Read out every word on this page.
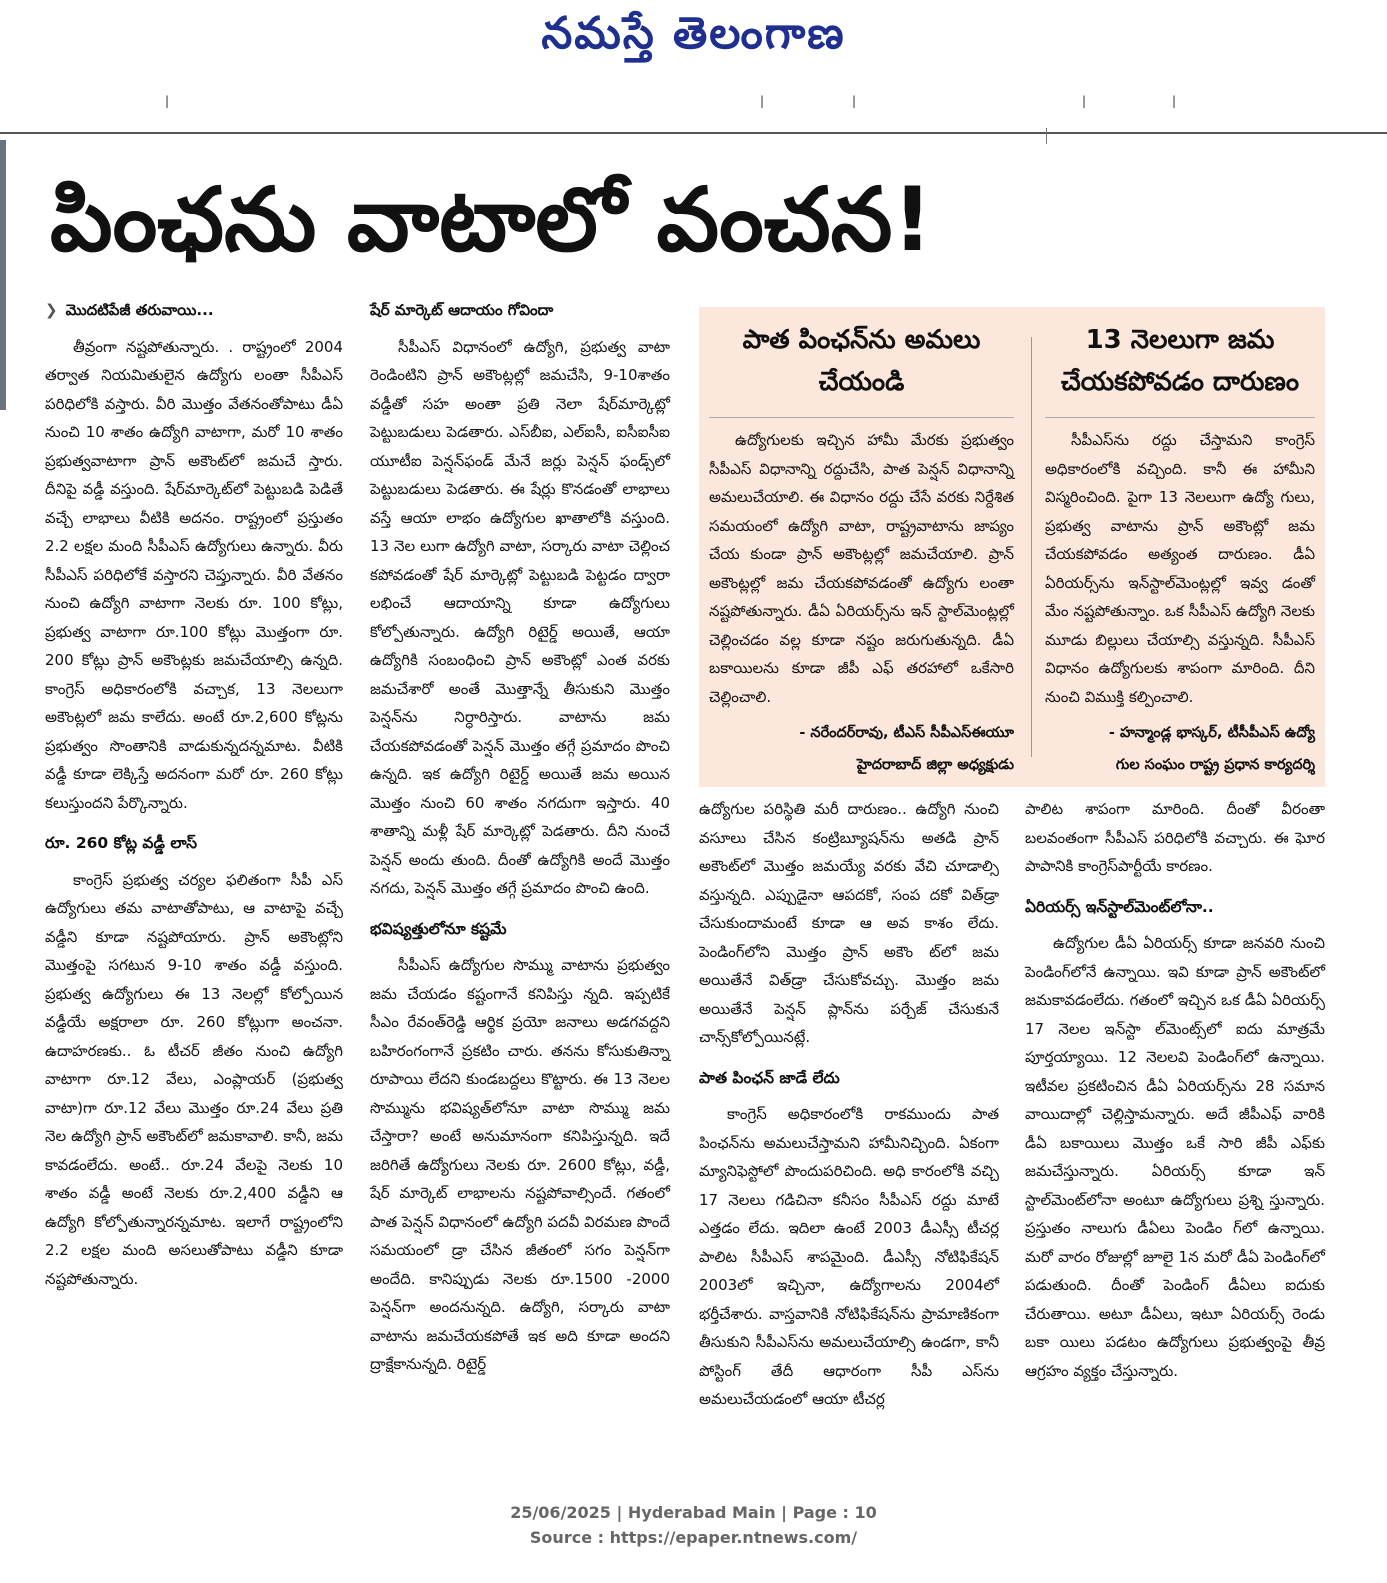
నమస్తే తెలంగాణ
|	|	|	|	|
పింఛను వాటాలో వంచన!
❯ మొదటిపేజీ తరువాయి...

తీవ్రంగా నష్టపోతున్నారు. . రాష్ట్రంలో 2004 తర్వాత నియమితులైన ఉద్యోగు లంతా సీపీఎస్ పరిధిలోకి వస్తారు. వీరి మొత్తం వేతనంతోపాటు డీఏ నుంచి 10 శాతం ఉద్యోగి వాటాగా, మరో 10 శాతం ప్రభుత్వవాటాగా ప్రాన్ అకౌంట్‌లో జమచే స్తారు. దీనిపై వడ్డీ వస్తుంది. షేర్‌మార్కెట్‌లో పెట్టుబడి పెడితే వచ్చే లాభాలు వీటికి అదనం. రాష్ట్రంలో ప్రస్తుతం 2.2 లక్షల మంది సీపీఎస్ ఉద్యోగులు ఉన్నారు. వీరు సీపీఎస్ పరిధిలోకే వస్తారని చెప్తున్నారు. వీరి వేతనం నుంచి ఉద్యోగి వాటాగా నెలకు రూ. 100 కోట్లు, ప్రభుత్వ వాటాగా రూ.100 కోట్లు మొత్తంగా రూ. 200 కోట్లు ప్రాన్ అకౌంట్లకు జమచేయాల్సి ఉన్నది. కాంగ్రెస్ అధికారంలోకి వచ్చాక, 13 నెలలుగా అకౌంట్లలో జమ కాలేదు. అంటే రూ.2,600 కోట్లను ప్రభుత్వం సొంతానికి వాడుకున్నదన్నమాట. వీటికి వడ్డీ కూడా లెక్కిస్తే అదనంగా మరో రూ. 260 కోట్లు కలుస్తుందని పేర్కొన్నారు.

రూ. 260 కోట్ల వడ్డీ లాస్

కాంగ్రెస్ ప్రభుత్వ చర్యల ఫలితంగా సీపీ ఎస్ ఉద్యోగులు తమ వాటాతోపాటు, ఆ వాటాపై వచ్చే వడ్డీని కూడా నష్టపోయారు. ప్రాన్ అకౌంట్లోని మొత్తంపై సగటున 9-10 శాతం వడ్డీ వస్తుంది. ప్రభుత్వ ఉద్యోగులు ఈ 13 నెలల్లో కోల్పోయిన వడ్డీయే అక్షరాలా రూ. 260 కోట్లుగా అంచనా. ఉదాహరణకు.. ఓ టీచర్ జీతం నుంచి ఉద్యోగి వాటాగా రూ.12 వేలు, ఎంప్లాయర్ (ప్రభుత్వ వాటా)గా రూ.12 వేలు మొత్తం రూ.24 వేలు ప్రతి నెల ఉద్యోగి ప్రాన్ అకౌంట్‌లో జమకావాలి. కానీ, జమ కావడంలేదు. అంటే.. రూ.24 వేలపై నెలకు 10 శాతం వడ్డీ అంటే నెలకు రూ.2,400 వడ్డీని ఆ ఉద్యోగి కోల్పోతున్నారన్నమాట. ఇలాగే రాష్ట్రంలోని 2.2 లక్షల మంది అసలుతోపాటు వడ్డీని కూడా నష్టపోతున్నారు.

షేర్ మార్కెట్ ఆదాయం గోవిందా

సీపీఎస్ విధానంలో ఉద్యోగి, ప్రభుత్వ వాటా రెండింటిని ప్రాన్ అకౌంట్లల్లో జమచేసి, 9-10శాతం వడ్డీతో సహ అంతా ప్రతి నెలా షేర్‌మార్కెట్లో పెట్టుబడులు పెడతారు. ఎస్‌బీఐ, ఎల్‌ఐసీ, ఐసీఐసీఐ యూటీఐ పెన్షన్‌ఫండ్ మేనే జర్లు పెన్షన్ ఫండ్స్‌లో పెట్టుబడులు పెడతారు. ఈ షేర్లు కొనడంతో లాభాలు వస్తే ఆయా లాభం ఉద్యోగుల ఖాతాలోకి వస్తుంది. 13 నెల లుగా ఉద్యోగి వాటా, సర్కారు వాటా చెల్లించ కపోవడంతో షేర్ మార్కెట్లో పెట్టుబడి పెట్టడం ద్వారా లభించే ఆదాయాన్ని కూడా ఉద్యోగులు కోల్పోతున్నారు. ఉద్యోగి రిటైర్డ్ అయితే, ఆయా ఉద్యోగికి సంబంధించి ప్రాన్ అకౌంట్లో ఎంత వరకు జమచేశారో అంతే మొత్తాన్నే తీసుకుని మొత్తం పెన్షన్‌ను నిర్ధారిస్తారు. వాటాను జమ చేయకపోవడంతో పెన్షన్ మొత్తం తగ్గే ప్రమాదం పొంచి ఉన్నది. ఇక ఉద్యోగి రిటైర్డ్ అయితే జమ అయిన మొత్తం నుంచి 60 శాతం నగదుగా ఇస్తారు. 40 శాతాన్ని మళ్లీ షేర్ మార్కెట్లో పెడతారు. దీని నుంచే పెన్షన్ అందు తుంది. దీంతో ఉద్యోగికి అందే మొత్తం నగదు, పెన్షన్ మొత్తం తగ్గే ప్రమాదం పొంచి ఉంది.

భవిష్యత్తులోనూ కష్టమే

సీపీఎస్ ఉద్యోగుల సొమ్ము వాటాను ప్రభుత్వం జమ చేయడం కష్టంగానే కనిపిస్తు న్నది. ఇప్పటికే సీఎం రేవంత్‌రెడ్డి ఆర్థిక ప్రయో జనాలు అడగవద్దని బహిరంగంగానే ప్రకటిం చారు. తనను కోసుకుతిన్నా రూపాయి లేదని కుండబద్దలు కొట్టారు. ఈ 13 నెలల సొమ్మును భవిష్యత్‌లోనూ వాటా సొమ్ము జమ చేస్తారా? అంటే అనుమానంగా కనిపిస్తున్నది. ఇదే జరిగితే ఉద్యోగులు నెలకు రూ. 2600 కోట్లు, వడ్డీ, షేర్ మార్కెట్ లాభాలను నష్టపోవాల్సిందే. గతంలో పాత పెన్షన్ విధానంలో ఉద్యోగి పదవీ విరమణ పొందే సమయంలో డ్రా చేసిన జీతంలో సగం పెన్షన్‌గా అందేది. కానిప్పుడు నెలకు రూ.1500 -2000 పెన్షన్‌గా అందనున్నది. ఉద్యోగి, సర్కారు వాటా వాటాను జమచేయకపోతే ఇక అది కూడా అందని ద్రాక్షేకానున్నది. రిటైర్డ్

పాత పింఛన్‌ను అమలు చేయండి

ఉద్యోగులకు ఇచ్చిన హామీ మేరకు ప్రభుత్వం సీపీఎస్ విధానాన్ని రద్దుచేసి, పాత పెన్షన్ విధానాన్ని అమలుచేయాలి. ఈ విధానం రద్దు చేసే వరకు నిర్దేశిత సమయంలో ఉద్యోగి వాటా, రాష్ట్రవాటాను జాప్యం చేయ కుండా ప్రాన్ అకౌంట్లల్లో జమచేయాలి. ప్రాన్ అకౌంట్లల్లో జమ చేయకపోవడంతో ఉద్యోగు లంతా నష్టపోతున్నారు. డీఏ ఏరియర్స్‌ను ఇన్ స్టాల్‌మెంట్లల్లో చెల్లించడం వల్ల కూడా నష్టం జరుగుతున్నది. డీఏ బకాయిలను కూడా జీపీ ఎఫ్ తరహాలో ఒకేసారి చెల్లించాలి.

- నరేందర్‌రావు, టీఎస్ సీపీఎస్‌ఈయూ
హైదరాబాద్ జిల్లా అధ్యక్షుడు
13 నెలలుగా జమ చేయకపోవడం దారుణం

సీపీఎస్‌ను రద్దు చేస్తామని కాంగ్రెస్ అధికారంలోకి వచ్చింది. కానీ ఈ హామీని విస్మరించింది. పైగా 13 నెలలుగా ఉద్యో గులు, ప్రభుత్వ వాటాను ప్రాన్ అకౌంట్లో జమ చేయకపోవడం అత్యంత దారుణం. డీఏ ఏరియర్స్‌ను ఇన్‌స్టాల్‌మెంట్లల్లో ఇవ్వ డంతో మేం నష్టపోతున్నాం. ఒక సీపీఎస్ ఉద్యోగి నెలకు మూడు బిల్లులు చేయాల్సి వస్తున్నది. సీపీఎస్ విధానం ఉద్యోగులకు శాపంగా మారింది. దీని నుంచి విముక్తి కల్పించాలి.

- హన్మాండ్ల భాస్కర్, టీసీపీఎస్ ఉద్యో
గుల సంఘం రాష్ట్ర ప్రధాన కార్యదర్శి

ఉద్యోగుల పరిస్థితి మరీ దారుణం.. ఉద్యోగి నుంచి వసూలు చేసిన కంట్రిబ్యూషన్‌ను అతడి ప్రాన్ అకౌంట్‌లో మొత్తం జమయ్యే వరకు వేచి చూడాల్సి వస్తున్నది. ఎప్పుడైనా ఆపదకో, సంప దకో విత్‌డ్రా చేసుకుందామంటే కూడా ఆ అవ కాశం లేదు. పెండింగ్‌లోని మొత్తం ప్రాన్ అకౌం ట్‌లో జమ అయితేనే విత్‌డ్రా చేసుకోవచ్చు. మొత్తం జమ అయితేనే పెన్షన్ ప్లాన్‌ను పర్చేజ్ చేసుకునే చాన్స్‌కోల్పోయినట్లే.

పాత పింఛన్ జాడే లేదు

కాంగ్రెస్ అధికారంలోకి రాకముందు పాత పింఛన్‌ను అమలుచేస్తామని హామీనిచ్చింది. ఏకంగా మ్యానిఫెస్టోలో పొందుపరిచింది. అధి కారంలోకి వచ్చి 17 నెలలు గడిచినా కనీసం సీపీఎస్ రద్దు మాటే ఎత్తడం లేదు. ఇదిలా ఉంటే 2003 డీఎస్సీ టీచర్ల పాలిట సీపీఎస్ శాపమైంది. డీఎస్సీ నోటిఫికేషన్ 2003లో ఇచ్చినా, ఉద్యోగాలను 2004లో భర్తీచేశారు. వాస్తవానికి నోటిఫికేషన్‌ను ప్రామాణికంగా తీసుకుని సీపీఎస్‌ను అమలుచేయాల్సి ఉండగా, కానీ పోస్టింగ్ తేదీ ఆధారంగా సీపీ ఎస్‌ను అమలుచేయడంలో ఆయా టీచర్ల

పాలిట శాపంగా మారింది. దీంతో వీరంతా బలవంతంగా సీపీఎస్ పరిధిలోకి వచ్చారు. ఈ ఘోర పాపానికి కాంగ్రెస్‌పార్టీయే కారణం.

ఏరియర్స్ ఇన్‌స్టాల్‌మెంట్‌లోనా..

ఉద్యోగుల డీఏ ఏరియర్స్ కూడా జనవరి నుంచి పెండింగ్‌లోనే ఉన్నాయి. ఇవి కూడా ప్రాన్ అకౌంట్‌లో జమకావడంలేదు. గతంలో ఇచ్చిన ఒక డీఏ ఏరియర్స్ 17 నెలల ఇన్‌స్టా ల్‌మెంట్స్‌లో ఐదు మాత్రమే పూర్తయ్యాయి. 12 నెలలవి పెండింగ్‌లో ఉన్నాయి. ఇటీవల ప్రకటించిన డీఏ ఏరియర్స్‌ను 28 సమాన వాయిదాల్లో చెల్లిస్తామన్నారు. అదే జీపీఎఫ్ వారికి డీఏ బకాయిలు మొత్తం ఒకే సారి జీపీ ఎఫ్‌కు జమచేస్తున్నారు. ఏరియర్స్ కూడా ఇన్ స్టాల్‌మెంట్‌లోనా అంటూ ఉద్యోగులు ప్రశ్ని స్తున్నారు. ప్రస్తుతం నాలుగు డీఏలు పెండిం గ్‌లో ఉన్నాయి. మరో వారం రోజుల్లో జూలై 1న మరో డీఏ పెండింగ్‌లో పడుతుంది. దీంతో పెండింగ్ డీఏలు ఐదుకు చేరుతాయి. అటూ డీఏలు, ఇటూ ఏరియర్స్ రెండు బకా యిలు పడటం ఉద్యోగులు ప్రభుత్వంపై తీవ్ర ఆగ్రహం వ్యక్తం చేస్తున్నారు.

25/06/2025 | Hyderabad Main | Page : 10
Source : https://epaper.ntnews.com/
